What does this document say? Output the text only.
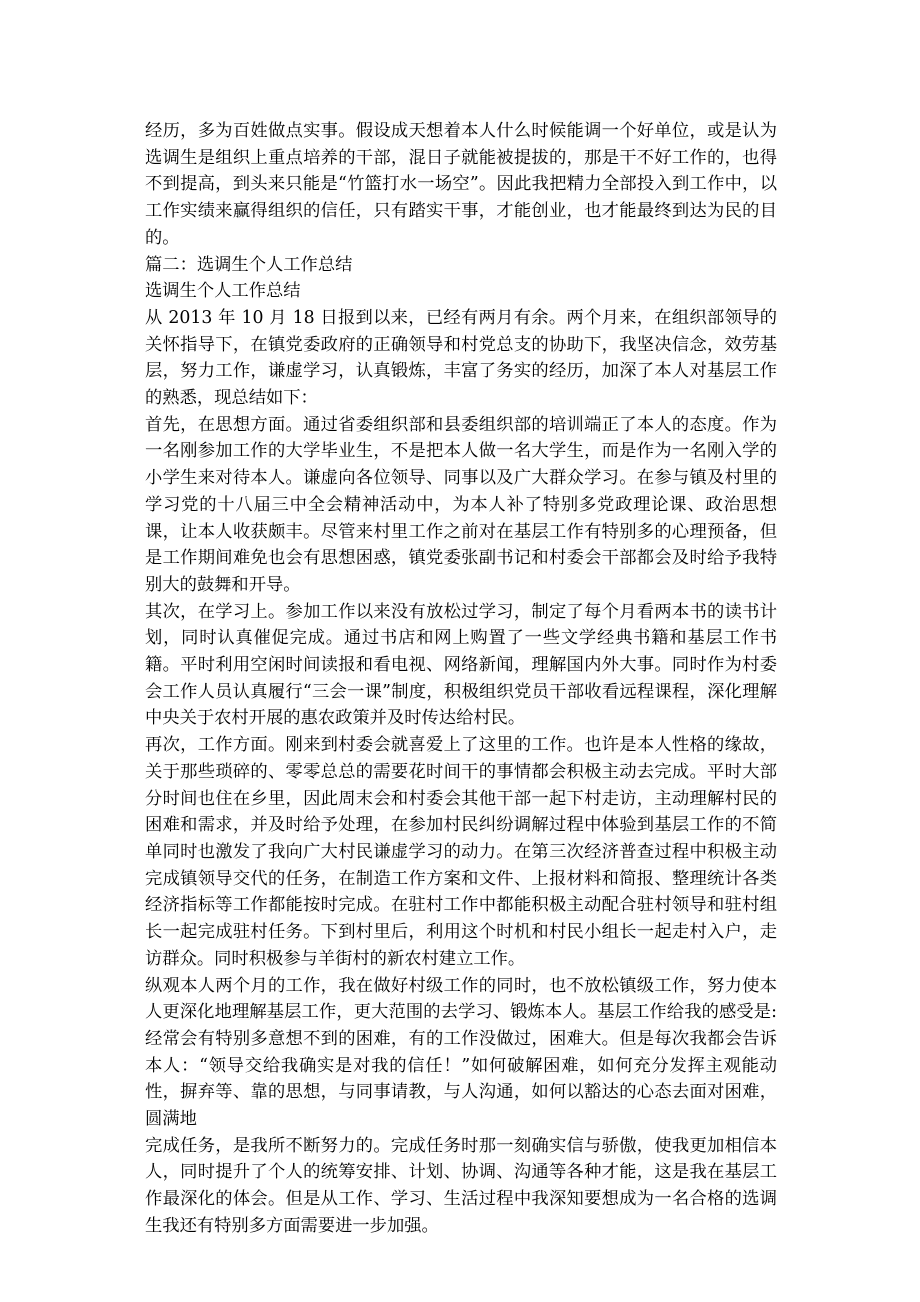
经历，多为百姓做点实事。假设成天想着本人什么时候能调一个好单位，或是认为选调生是组织上重点培养的干部，混日子就能被提拔的，那是干不好工作的，也得不到提高，到头来只能是“竹篮打水一场空”。因此我把精力全部投入到工作中，以工作实绩来赢得组织的信任，只有踏实干事，才能创业，也才能最终到达为民的目的。

篇二：选调生个人工作总结

选调生个人工作总结

从 2013 年 10 月 18 日报到以来，已经有两月有余。两个月来，在组织部领导的关怀指导下，在镇党委政府的正确领导和村党总支的协助下，我坚决信念，效劳基层，努力工作，谦虚学习，认真锻炼，丰富了务实的经历，加深了本人对基层工作的熟悉，现总结如下：

首先，在思想方面。通过省委组织部和县委组织部的培训端正了本人的态度。作为一名刚参加工作的大学毕业生，不是把本人做一名大学生，而是作为一名刚入学的小学生来对待本人。谦虚向各位领导、同事以及广大群众学习。在参与镇及村里的学习党的十八届三中全会精神活动中，为本人补了特别多党政理论课、政治思想课，让本人收获颇丰。尽管来村里工作之前对在基层工作有特别多的心理预备，但是工作期间难免也会有思想困惑，镇党委张副书记和村委会干部都会及时给予我特别大的鼓舞和开导。

其次，在学习上。参加工作以来没有放松过学习，制定了每个月看两本书的读书计划，同时认真催促完成。通过书店和网上购置了一些文学经典书籍和基层工作书籍。平时利用空闲时间读报和看电视、网络新闻，理解国内外大事。同时作为村委会工作人员认真履行“三会一课”制度，积极组织党员干部收看远程课程，深化理解中央关于农村开展的惠农政策并及时传达给村民。

再次，工作方面。刚来到村委会就喜爱上了这里的工作。也许是本人性格的缘故，关于那些琐碎的、零零总总的需要花时间干的事情都会积极主动去完成。平时大部分时间也住在乡里，因此周末会和村委会其他干部一起下村走访，主动理解村民的困难和需求，并及时给予处理，在参加村民纠纷调解过程中体验到基层工作的不简单同时也激发了我向广大村民谦虚学习的动力。在第三次经济普查过程中积极主动完成镇领导交代的任务，在制造工作方案和文件、上报材料和简报、整理统计各类经济指标等工作都能按时完成。在驻村工作中都能积极主动配合驻村领导和驻村组长一起完成驻村任务。下到村里后，利用这个时机和村民小组长一起走村入户，走访群众。同时积极参与羊街村的新农村建立工作。

纵观本人两个月的工作，我在做好村级工作的同时，也不放松镇级工作，努力使本人更深化地理解基层工作，更大范围的去学习、锻炼本人。基层工作给我的感受是:经常会有特别多意想不到的困难，有的工作没做过，困难大。但是每次我都会告诉本人：“领导交给我确实是对我的信任！”如何破解困难，如何充分发挥主观能动性，摒弃等、靠的思想，与同事请教，与人沟通，如何以豁达的心态去面对困难，圆满地

完成任务，是我所不断努力的。完成任务时那一刻确实信与骄傲，使我更加相信本人，同时提升了个人的统筹安排、计划、协调、沟通等各种才能，这是我在基层工作最深化的体会。但是从工作、学习、生活过程中我深知要想成为一名合格的选调生我还有特别多方面需要进一步加强。
